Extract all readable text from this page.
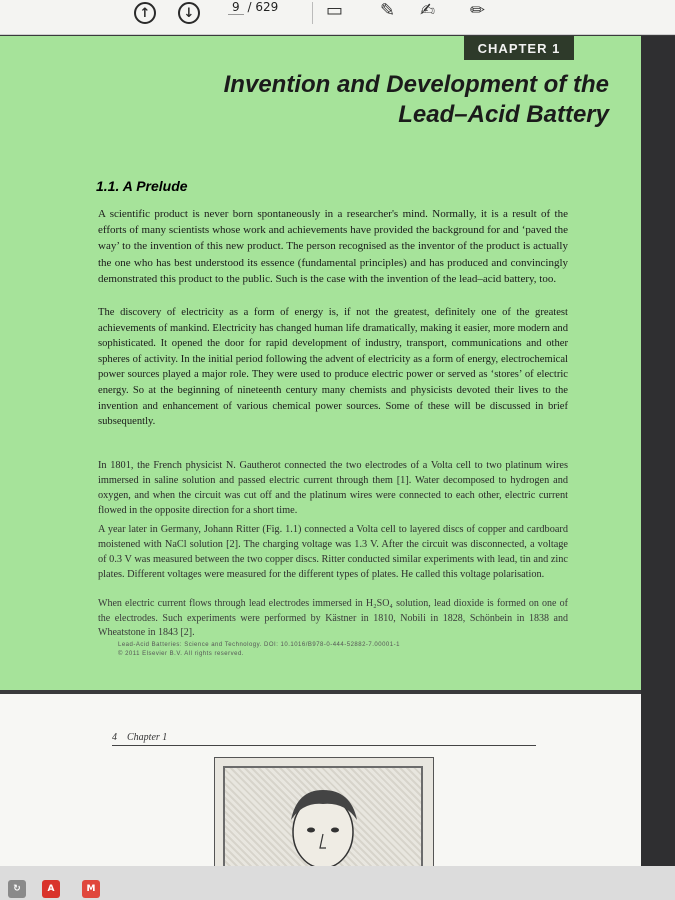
↑	↓	9 / 629	▭ ✎ ✍ ✏
CHAPTER 1
Invention and Development of the
Lead–Acid Battery
1.1. A Prelude

A scientific product is never born spontaneously in a researcher's mind. Normally, it is a result of the efforts of many scientists whose work and achievements have provided the background for and ‘paved the way’ to the invention of this new product. The person recognised as the inventor of the product is actually the one who has best understood its essence (fundamental principles) and has produced and convincingly demonstrated this product to the public. Such is the case with the invention of the lead–acid battery, too.

The discovery of electricity as a form of energy is, if not the greatest, definitely one of the greatest achievements of mankind. Electricity has changed human life dramatically, making it easier, more modern and sophisticated. It opened the door for rapid development of industry, transport, communications and other spheres of activity. In the initial period following the advent of electricity as a form of energy, electrochemical power sources played a major role. They were used to produce electric power or served as ‘stores’ of electric energy. So at the beginning of nineteenth century many chemists and physicists devoted their lives to the invention and enhancement of various chemical power sources. Some of these will be discussed in brief subsequently.

In 1801, the French physicist N. Gautherot connected the two electrodes of a Volta cell to two platinum wires immersed in saline solution and passed electric current through them [1]. Water decomposed to hydrogen and oxygen, and when the circuit was cut off and the platinum wires were connected to each other, electric current flowed in the opposite direction for a short time.

A year later in Germany, Johann Ritter (Fig. 1.1) connected a Volta cell to layered discs of copper and cardboard moistened with NaCl solution [2]. The charging voltage was 1.3 V. After the circuit was disconnected, a voltage of 0.3 V was measured between the two copper discs. Ritter conducted similar experiments with lead, tin and zinc plates. Different voltages were measured for the different types of plates. He called this voltage polarisation.

When electric current flows through lead electrodes immersed in H₂SO₄ solution, lead dioxide is formed on one of the electrodes. Such experiments were performed by Kästner in 1810, Nobili in 1828, Schönbein in 1838 and Wheatstone in 1843 [2].

Lead-Acid Batteries: Science and Technology. DOI: 10.1016/B978-0-444-52882-7.00001-1
© 2011 Elsevier B.V. All rights reserved.
4 Chapter 1
↻	A	M
